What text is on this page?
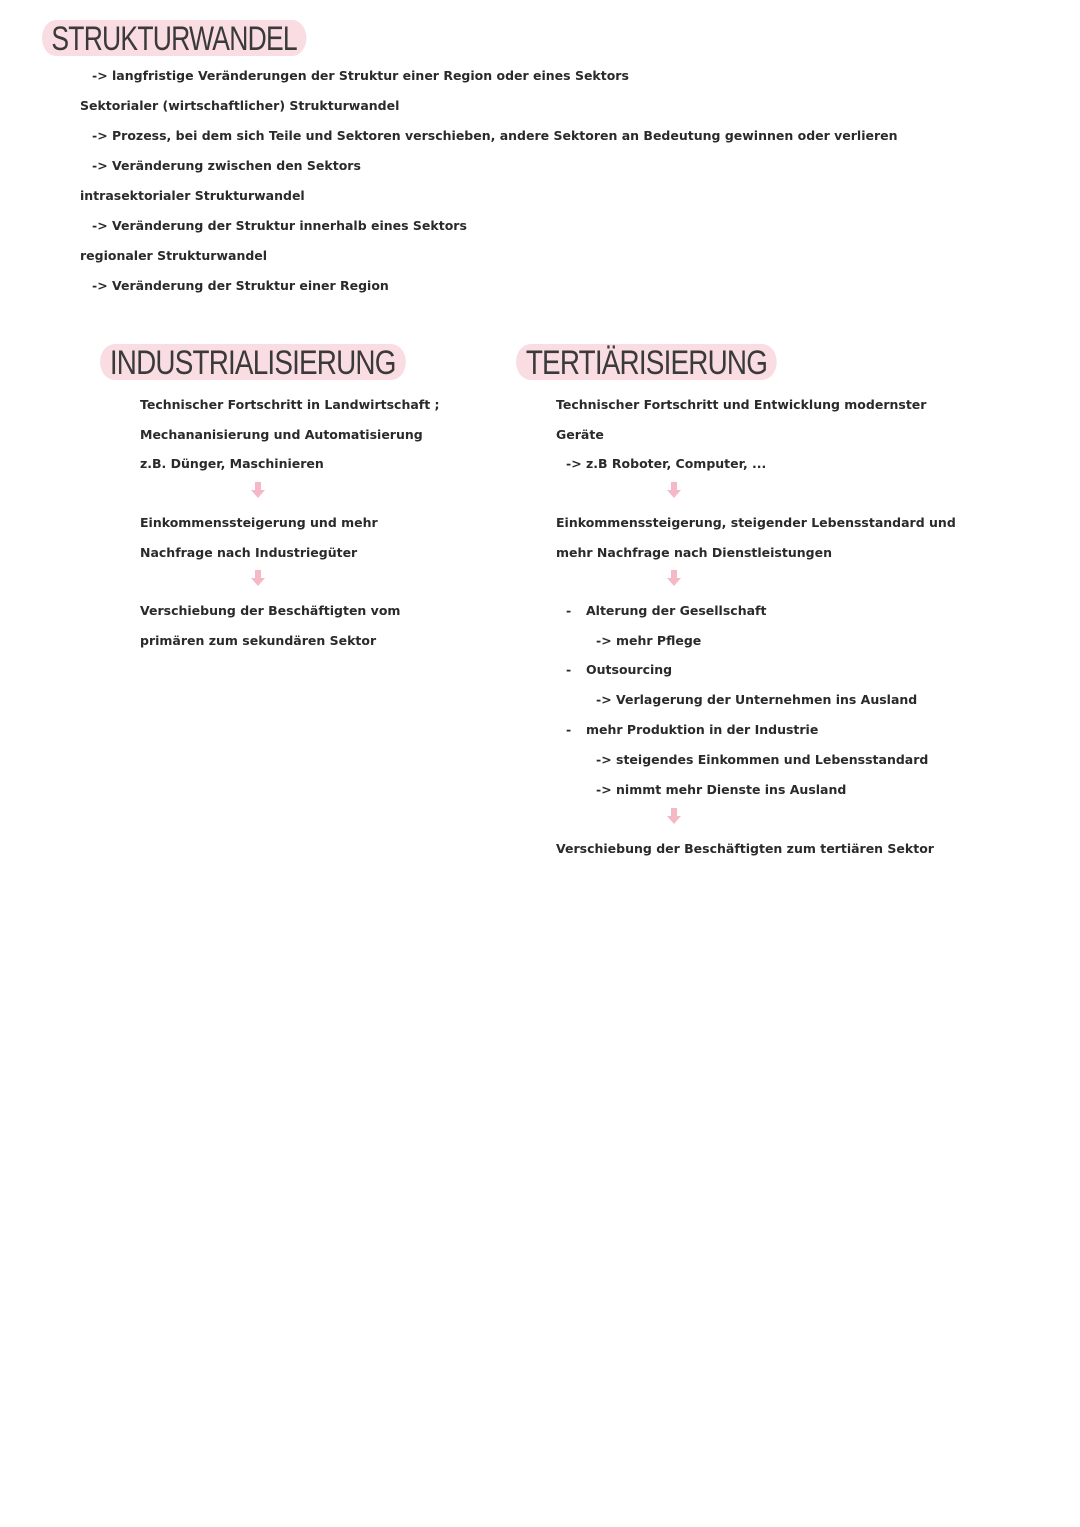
STRUKTURWANDEL
-> langfristige Veränderungen der Struktur einer Region oder eines Sektors
Sektorialer (wirtschaftlicher) Strukturwandel
-> Prozess, bei dem sich Teile und Sektoren verschieben, andere Sektoren an Bedeutung gewinnen oder verlieren
-> Veränderung zwischen den Sektors
intrasektorialer Strukturwandel
-> Veränderung der Struktur innerhalb eines Sektors
regionaler Strukturwandel
-> Veränderung der Struktur einer Region
INDUSTRIALISIERUNG
Technischer Fortschritt in Landwirtschaft ;
Mechananisierung und Automatisierung
z.B. Dünger, Maschinieren
Einkommenssteigerung und mehr
Nachfrage nach Industriegüter
Verschiebung der Beschäftigten vom
primären zum sekundären Sektor
TERTIÄRISIERUNG
Technischer Fortschritt und Entwicklung modernster
Geräte
-> z.B Roboter, Computer, ...
Einkommenssteigerung, steigender Lebensstandard und
mehr Nachfrage nach Dienstleistungen
- Alterung der Gesellschaft
-> mehr Pflege
- Outsourcing
-> Verlagerung der Unternehmen ins Ausland
- mehr Produktion in der Industrie
-> steigendes Einkommen und Lebensstandard
-> nimmt mehr Dienste ins Ausland
Verschiebung der Beschäftigten zum tertiären Sektor
